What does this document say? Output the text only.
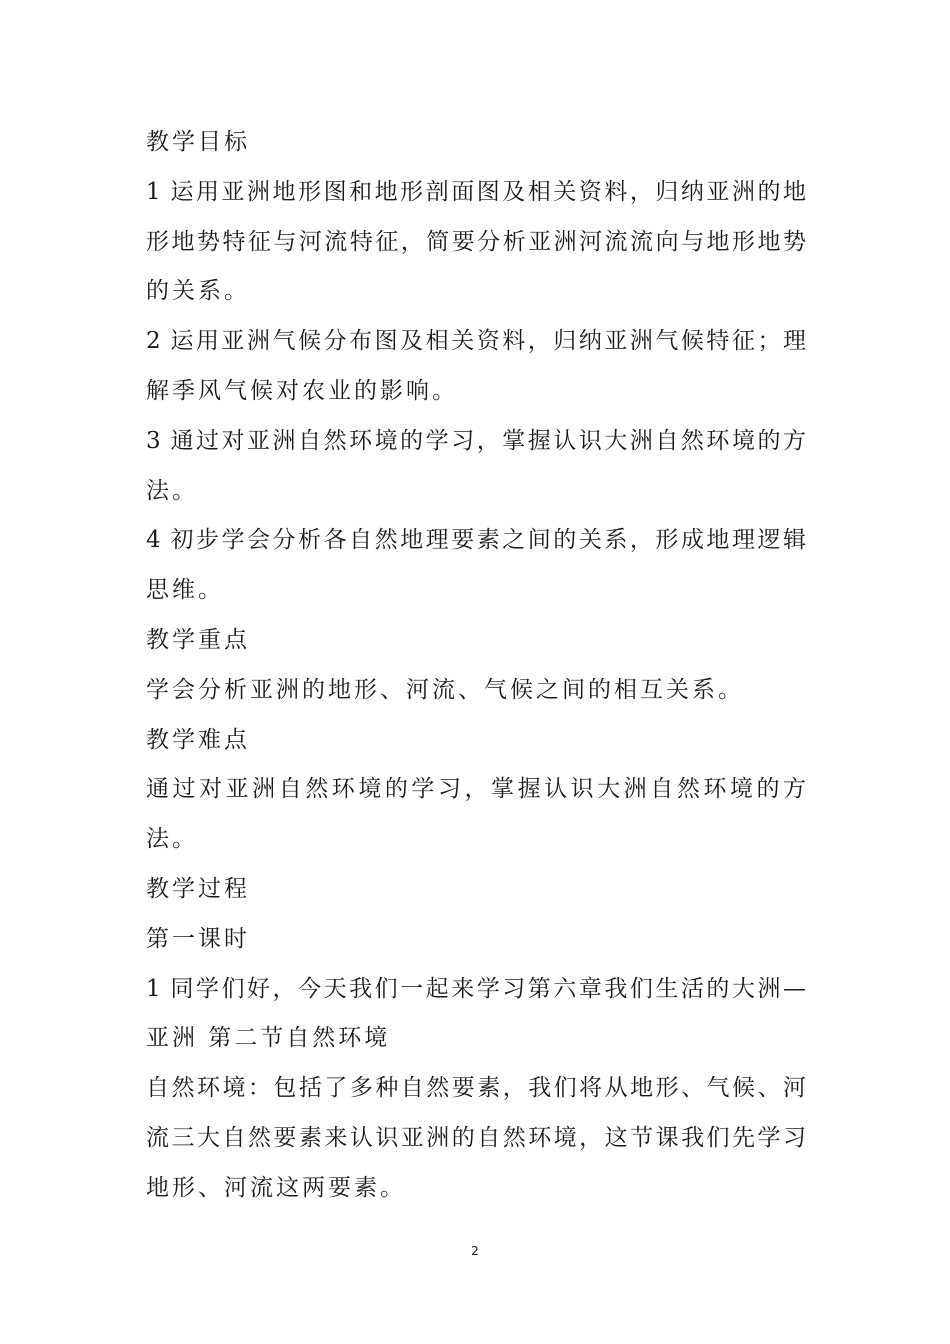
教学目标
1 运用亚洲地形图和地形剖面图及相关资料，归纳亚洲的地
形地势特征与河流特征，简要分析亚洲河流流向与地形地势
的关系。
2 运用亚洲气候分布图及相关资料，归纳亚洲气候特征；理
解季风气候对农业的影响。
3 通过对亚洲自然环境的学习，掌握认识大洲自然环境的方
法。
4 初步学会分析各自然地理要素之间的关系，形成地理逻辑
思维。
教学重点
学会分析亚洲的地形、河流、气候之间的相互关系。
教学难点
通过对亚洲自然环境的学习，掌握认识大洲自然环境的方
法。
教学过程
第一课时
1 同学们好，今天我们一起来学习第六章我们生活的大洲—
亚洲 第二节自然环境
自然环境：包括了多种自然要素，我们将从地形、气候、河
流三大自然要素来认识亚洲的自然环境，这节课我们先学习
地形、河流这两要素。
2
